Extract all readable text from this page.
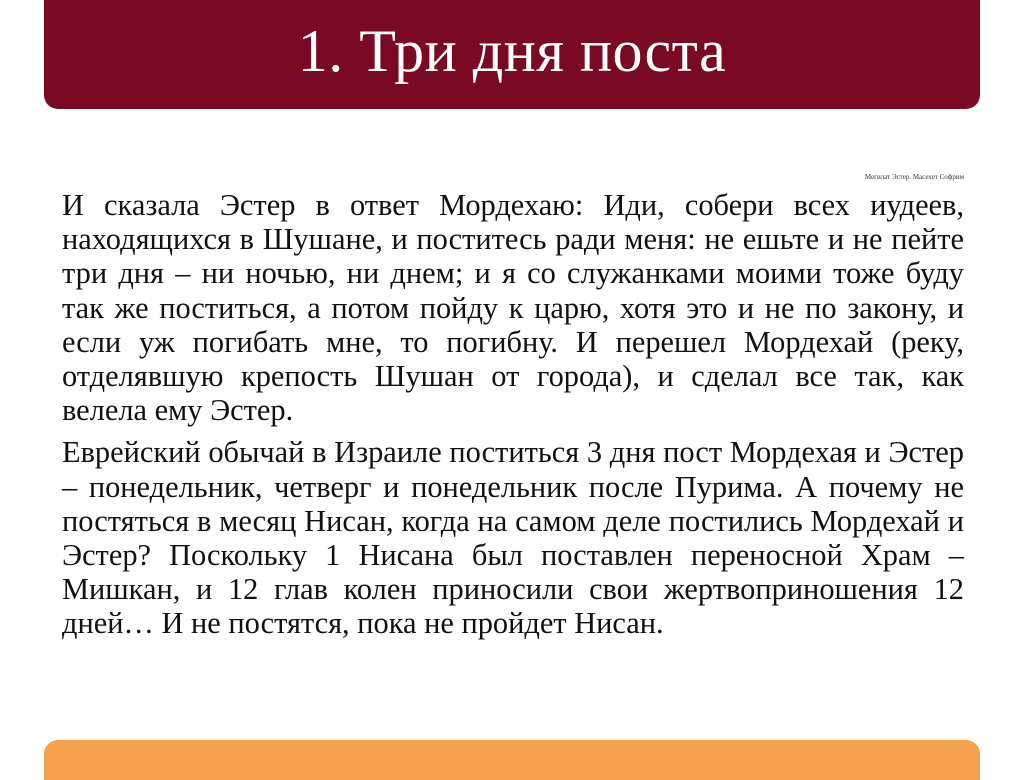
1. Три дня поста
Мегилат Эстер. Масехет Софрим

И сказала Эстер в ответ Мордехаю: Иди, собери всех иудеев, находящихся в Шушане, и поститесь ради меня: не ешьте и не пейте три дня – ни ночью, ни днем; и я со служанками моими тоже буду так же поститься, а потом пойду к царю, хотя это и не по закону, и если уж погибать мне, то погибну. И перешел Мордехай (реку, отделявшую крепость Шушан от города), и сделал все так, как велела ему Эстер.

Еврейский обычай в Израиле поститься 3 дня пост Мордехая и Эстер – понедельник, четверг и понедельник после Пурима. А почему не постяться в месяц Нисан, когда на самом деле постились Мордехай и Эстер? Поскольку 1 Нисана был поставлен переносной Храм – Мишкан, и 12 глав колен приносили свои жертвоприношения 12 дней… И не постятся, пока не пройдет Нисан.
